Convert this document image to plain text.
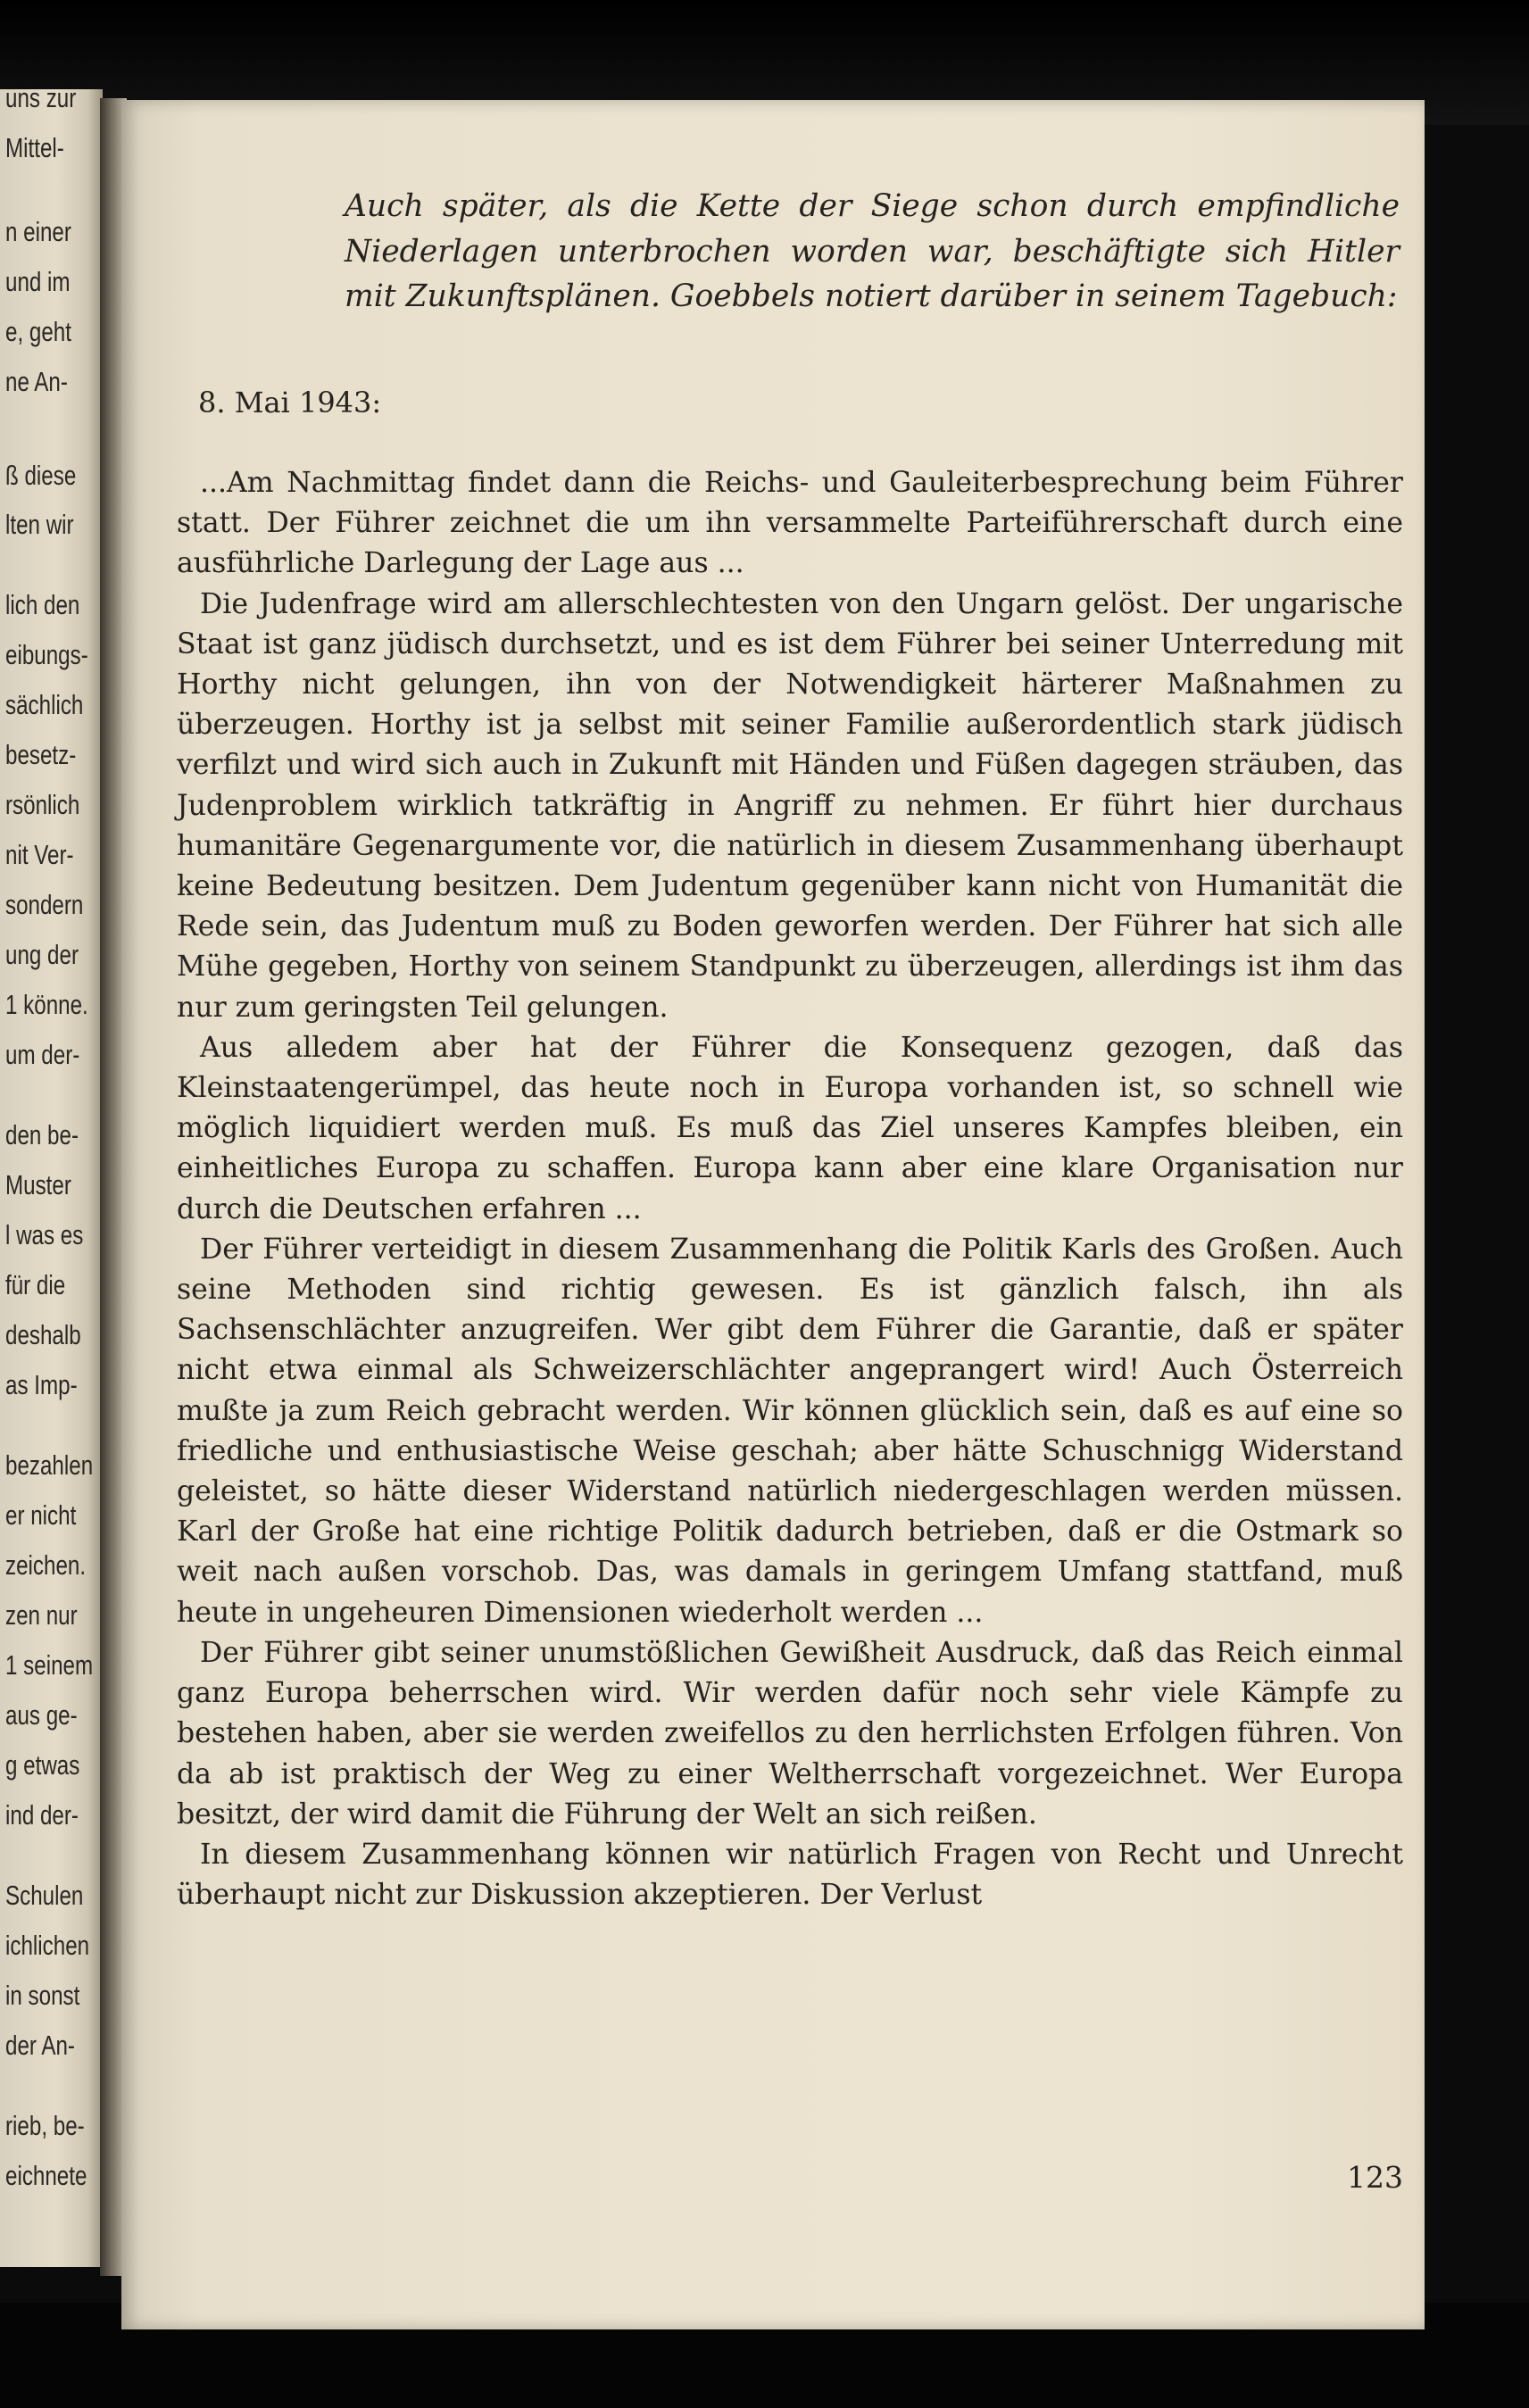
uns zur
Mittel-
n einer
und im
e, geht
ne An-
ß diese
lten wir
lich den
eibungs-
sächlich
besetz-
rsönlich
nit Ver-
sondern
ung der
1 könne.
um der-
den be-
Muster
l was es
für die
deshalb
as Imp-
bezahlen
er nicht
zeichen.
zen nur
1 seinem
aus ge-
g etwas
ind der-
Schulen
ichlichen
in sonst
der An-
rieb, be-
eichnete
Auch später, als die Kette der Siege schon durch empfindliche Niederlagen unterbrochen worden war, beschäftigte sich Hitler mit Zukunftsplänen. Goebbels notiert darüber in seinem Tagebuch:
8. Mai 1943:

...Am Nachmittag findet dann die Reichs- und Gauleiterbesprechung beim Führer statt. Der Führer zeichnet die um ihn versammelte Parteiführerschaft durch eine ausführliche Darlegung der Lage aus ...

Die Judenfrage wird am allerschlechtesten von den Ungarn gelöst. Der ungarische Staat ist ganz jüdisch durchsetzt, und es ist dem Führer bei seiner Unterredung mit Horthy nicht gelungen, ihn von der Notwendigkeit härterer Maßnahmen zu überzeugen. Horthy ist ja selbst mit seiner Familie außerordentlich stark jüdisch verfilzt und wird sich auch in Zukunft mit Händen und Füßen dagegen sträuben, das Judenproblem wirklich tatkräftig in Angriff zu nehmen. Er führt hier durchaus humanitäre Gegenargumente vor, die natürlich in diesem Zusammenhang überhaupt keine Bedeutung besitzen. Dem Judentum gegenüber kann nicht von Humanität die Rede sein, das Judentum muß zu Boden geworfen werden. Der Führer hat sich alle Mühe gegeben, Horthy von seinem Standpunkt zu überzeugen, allerdings ist ihm das nur zum geringsten Teil gelungen.

Aus alledem aber hat der Führer die Konsequenz gezogen, daß das Kleinstaatengerümpel, das heute noch in Europa vorhanden ist, so schnell wie möglich liquidiert werden muß. Es muß das Ziel unseres Kampfes bleiben, ein einheitliches Europa zu schaffen. Europa kann aber eine klare Organisation nur durch die Deutschen erfahren ...

Der Führer verteidigt in diesem Zusammenhang die Politik Karls des Großen. Auch seine Methoden sind richtig gewesen. Es ist gänzlich falsch, ihn als Sachsenschlächter anzugreifen. Wer gibt dem Führer die Garantie, daß er später nicht etwa einmal als Schweizerschlächter angeprangert wird! Auch Österreich mußte ja zum Reich gebracht werden. Wir können glücklich sein, daß es auf eine so friedliche und enthusiastische Weise geschah; aber hätte Schuschnigg Widerstand geleistet, so hätte dieser Widerstand natürlich niedergeschlagen werden müssen. Karl der Große hat eine richtige Politik dadurch betrieben, daß er die Ostmark so weit nach außen vorschob. Das, was damals in geringem Umfang stattfand, muß heute in ungeheuren Dimensionen wiederholt werden ...

Der Führer gibt seiner unumstößlichen Gewißheit Ausdruck, daß das Reich einmal ganz Europa beherrschen wird. Wir werden dafür noch sehr viele Kämpfe zu bestehen haben, aber sie werden zweifellos zu den herrlichsten Erfolgen führen. Von da ab ist praktisch der Weg zu einer Weltherrschaft vorgezeichnet. Wer Europa besitzt, der wird damit die Führung der Welt an sich reißen.

In diesem Zusammenhang können wir natürlich Fragen von Recht und Unrecht überhaupt nicht zur Diskussion akzeptieren. Der Verlust

123
